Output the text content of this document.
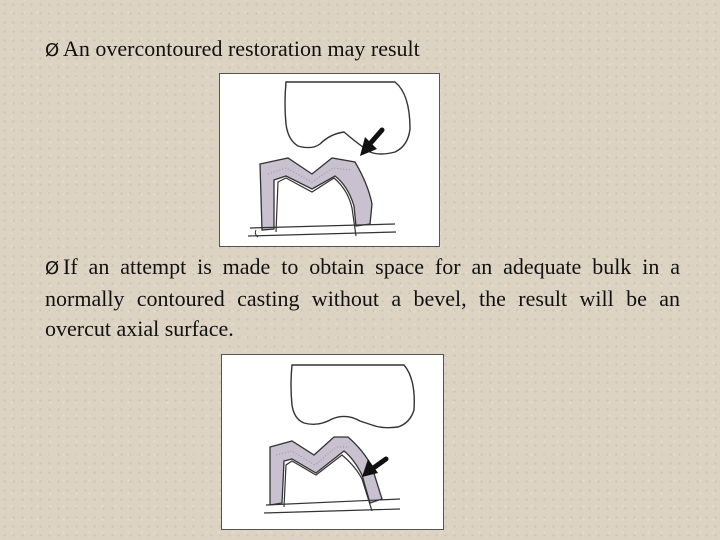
Ø An overcontoured restoration may result
Ø If an attempt is made to obtain space for an adequate bulk in a normally contoured casting without a bevel, the result will be an overcut axial surface.
